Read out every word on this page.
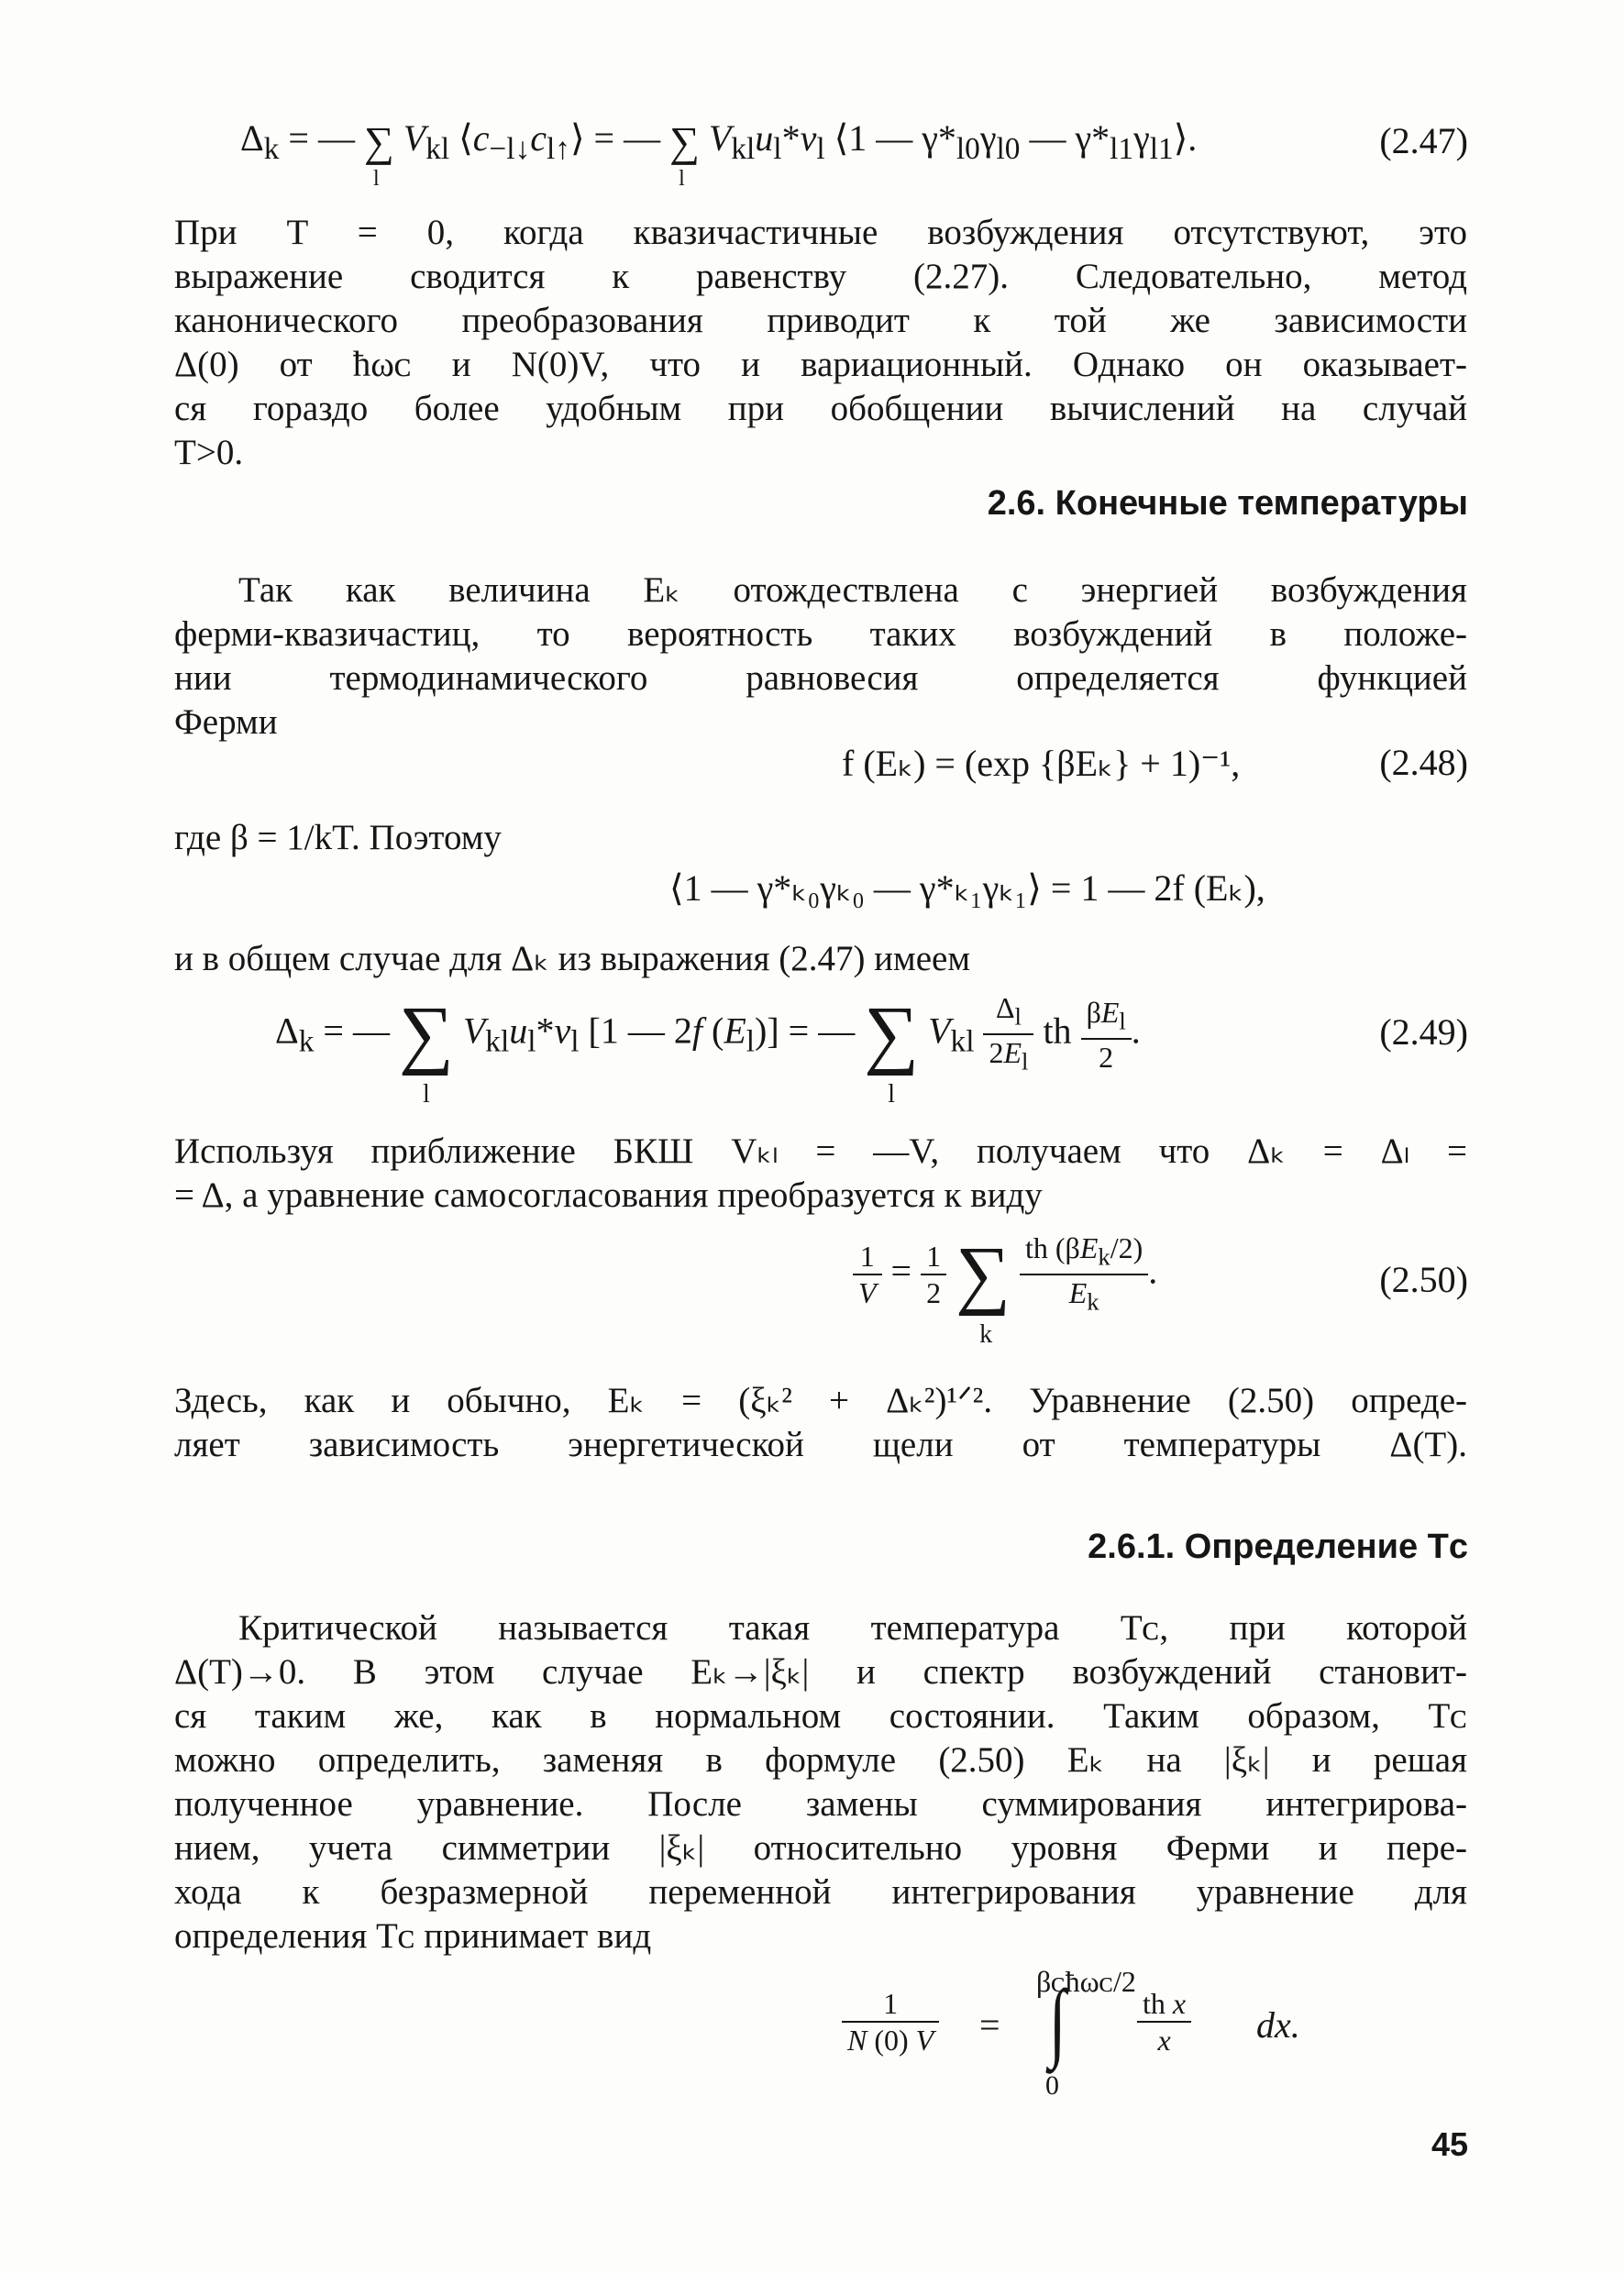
$\Delta_k$ = — ∑
l
$V_{kl}$ $⟨c_{-l↓}c_{l↑}⟩$ = — ∑
l
$V_{kl}u_l*v_l$ ⟨1 — $\gamma*_{l0}\gamma_{l0}$ — $\gamma*_{l1}\gamma_{l1}⟩$.	(2.47)

При T = 0, когда квазичастичные возбуждения отсутствуют, это
выражение сводится к равенству (2.27). Следовательно, метод
канонического преобразования приводит к той же зависимости
Δ(0) от ħωᴄ и N(0)V, что и вариационный. Однако он оказывает-
ся гораздо более удобным при обобщении вычислений на случай
T>0.

2.6. Конечные температуры

Так как величина Eₖ отождествлена с энергией возбуждения
ферми-квазичастиц, то вероятность таких возбуждений в положе-
нии термодинамического равновесия определяется функцией
Ферми

f (Eₖ) = (exp {βEₖ} + 1)⁻¹,	(2.48)

где β = 1/kT. Поэтому

⟨1 — γ*ₖ₀γₖ₀ — γ*ₖ₁γₖ₁⟩ = 1 — 2f (Eₖ),

и в общем случае для Δₖ из выражения (2.47) имеем

$\Delta_k$ = — ∑
l
$V_{kl}u_l*v_l$ [1 — 2f $(E_l)$] = — ∑
l
$V_{kl} \frac{\Delta_l}{2E_l}$ th $\frac{\beta E_l}{2}$ .	(2.49)

Используя приближение БКШ Vₖₗ = —V, получаем что Δₖ = Δₗ =
= Δ, а уравнение самосогласования преобразуется к виду

$\frac{1}{V} = \frac{1}{2}$ ∑
k

$\frac{th (\beta E_k/2)}{E_k}$ .	(2.50)

Здесь, как и обычно, Eₖ = (ξₖ² + Δₖ²)¹ᐟ². Уравнение (2.50) опреде-
ляет зависимость энергетической щели от температуры Δ(T).

2.6.1. Определение Tᴄ

Критической называется такая температура Tᴄ, при которой
Δ(T)→0. В этом случае Eₖ→|ξₖ| и спектр возбуждений становит-
ся таким же, как в нормальном состоянии. Таким образом, Tᴄ
можно определить, заменяя в формуле (2.50) Eₖ на |ξₖ| и решая
полученное уравнение. После замены суммирования интегрирова-
нием, учета симметрии |ξₖ| относительно уровня Ферми и пере-
хода к безразмерной переменной интегрирования уравнение для
определения Tᴄ принимает вид

$\frac{1}{N (0) V}$ =
βᴄħωᴄ/2
∫
0
$\frac{\text{th x}}{x}$ dx.
45
